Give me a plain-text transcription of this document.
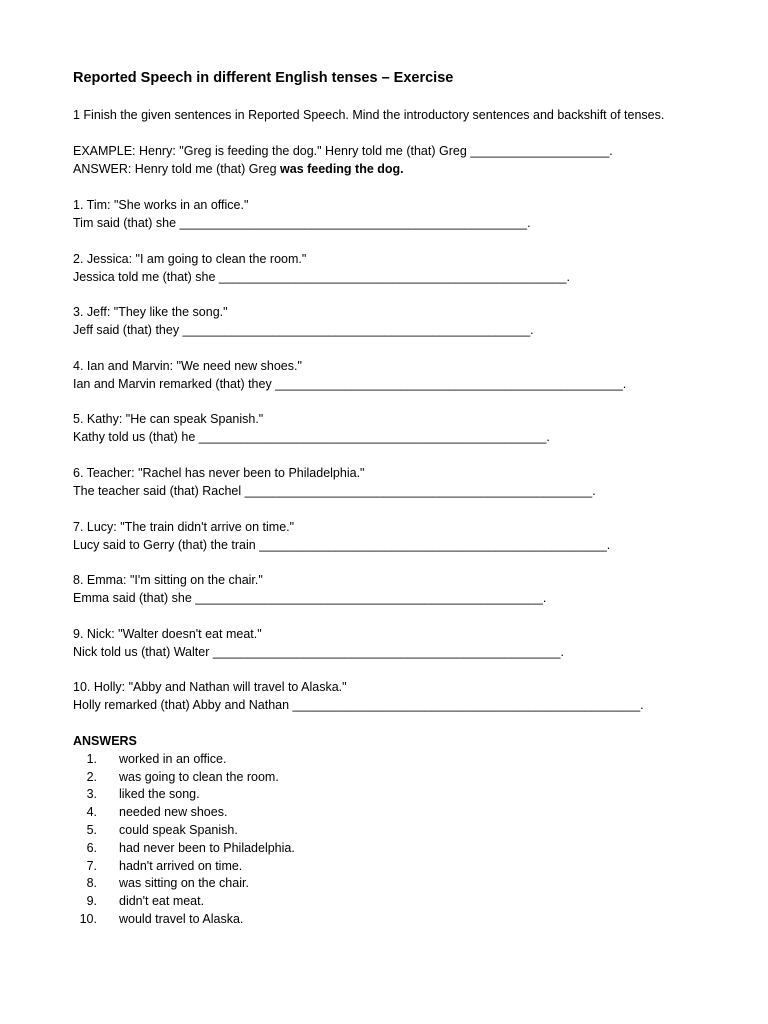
Reported Speech in different English tenses – Exercise
1 Finish the given sentences in Reported Speech. Mind the introductory sentences and backshift of tenses.
EXAMPLE: Henry: "Greg is feeding the dog." Henry told me (that) Greg ____________________.
ANSWER: Henry told me (that) Greg was feeding the dog.
1. Tim: "She works in an office."
Tim said (that) she __________________________________________________.
2. Jessica: "I am going to clean the room."
Jessica told me (that) she __________________________________________________.
3. Jeff: "They like the song."
Jeff said (that) they __________________________________________________.
4. Ian and Marvin: "We need new shoes."
Ian and Marvin remarked (that) they __________________________________________________.
5. Kathy: "He can speak Spanish."
Kathy told us (that) he __________________________________________________.
6. Teacher: "Rachel has never been to Philadelphia."
The teacher said (that) Rachel __________________________________________________.
7. Lucy: "The train didn't arrive on time."
Lucy said to Gerry (that) the train __________________________________________________.
8. Emma: "I'm sitting on the chair."
Emma said (that) she __________________________________________________.
9. Nick: "Walter doesn't eat meat."
Nick told us (that) Walter __________________________________________________.
10. Holly: "Abby and Nathan will travel to Alaska."
Holly remarked (that) Abby and Nathan __________________________________________________.
ANSWERS
1. worked in an office.
2. was going to clean the room.
3. liked the song.
4. needed new shoes.
5. could speak Spanish.
6. had never been to Philadelphia.
7. hadn't arrived on time.
8. was sitting on the chair.
9. didn't eat meat.
10. would travel to Alaska.
